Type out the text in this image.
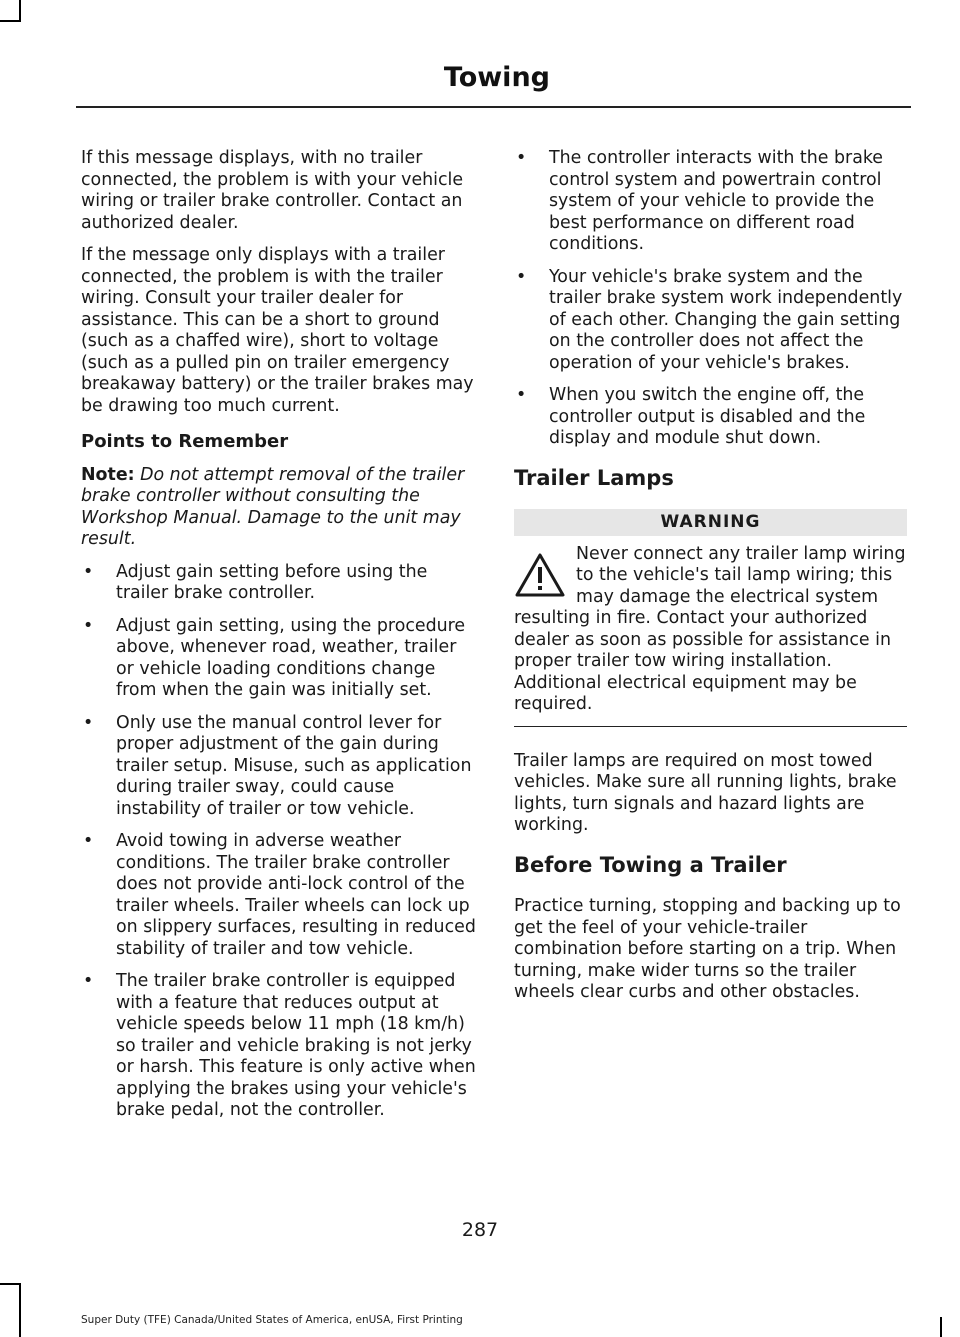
Towing

If this message displays, with no trailer connected, the problem is with your vehicle wiring or trailer brake controller. Contact an authorized dealer.

If the message only displays with a trailer connected, the problem is with the trailer wiring. Consult your trailer dealer for assistance. This can be a short to ground (such as a chaffed wire), short to voltage (such as a pulled pin on trailer emergency breakaway battery) or the trailer brakes may be drawing too much current.

Points to Remember

Note: Do not attempt removal of the trailer brake controller without consulting the Workshop Manual. Damage to the unit may result.

• Adjust gain setting before using the trailer brake controller.
• Adjust gain setting, using the procedure above, whenever road, weather, trailer or vehicle loading conditions change from when the gain was initially set.
• Only use the manual control lever for proper adjustment of the gain during trailer setup. Misuse, such as application during trailer sway, could cause instability of trailer or tow vehicle.
• Avoid towing in adverse weather conditions. The trailer brake controller does not provide anti-lock control of the trailer wheels. Trailer wheels can lock up on slippery surfaces, resulting in reduced stability of trailer and tow vehicle.
• The trailer brake controller is equipped with a feature that reduces output at vehicle speeds below 11 mph (18 km/h) so trailer and vehicle braking is not jerky or harsh. This feature is only active when applying the brakes using your vehicle's brake pedal, not the controller.
• The controller interacts with the brake control system and powertrain control system of your vehicle to provide the best performance on different road conditions.
• Your vehicle's brake system and the trailer brake system work independently of each other. Changing the gain setting on the controller does not affect the operation of your vehicle's brakes.
• When you switch the engine off, the controller output is disabled and the display and module shut down.
Trailer Lamps
WARNING
Never connect any trailer lamp wiring to the vehicle's tail lamp wiring; this may damage the electrical system resulting in fire. Contact your authorized dealer as soon as possible for assistance in proper trailer tow wiring installation. Additional electrical equipment may be required.

Trailer lamps are required on most towed vehicles. Make sure all running lights, brake lights, turn signals and hazard lights are working.

Before Towing a Trailer

Practice turning, stopping and backing up to get the feel of your vehicle-trailer combination before starting on a trip. When turning, make wider turns so the trailer wheels clear curbs and other obstacles.

287
Super Duty (TFE) Canada/United States of America, enUSA, First Printing
